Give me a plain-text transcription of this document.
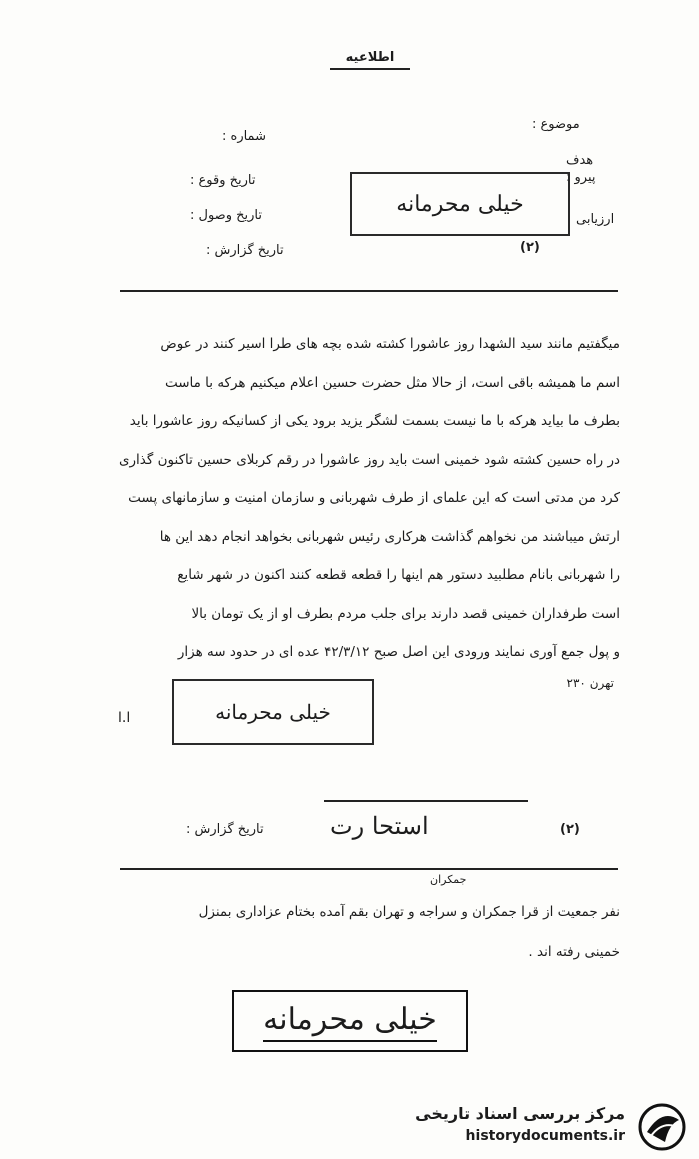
اطلاعیه
موضوع :
شماره :
هدف
پیرو :
تاریخ وقوع :
تاریخ وصول :
تاریخ گزارش :
ارزیابی
(۲)
خیلی محرمانه
میگفتیم مانند سید الشهدا روز عاشورا کشته شده بچه های طرا اسیر کنند در عوض
اسم ما همیشه باقی است، از حالا مثل حضرت حسین اعلام میکنیم هرکه با ماست
بطرف ما بیاید هرکه با ما نیست بسمت لشگر یزید برود یکی از کسانیکه روز عاشورا باید
در راه حسین کشته شود خمینی است باید روز عاشورا در رقم کربلای حسین تاکنون گذاری
کرد من مدتی است که این علمای از طرف شهربانی و سازمان امنیت و سازمانهای پست
ارتش میباشند من نخواهم گذاشت هرکاری رئیس شهربانی بخواهد انجام دهد این ها
را شهربانی بانام مطلبید دستور هم اینها را قطعه قطعه کنند اکنون در شهر شایع
است طرفداران خمینی قصد دارند برای جلب مردم بطرف او از یک تومان بالا
و پول جمع آوری نمایند ورودی این اصل صبح ۴۲/۳/۱۲ عده ای در حدود سه هزار
تهرن ۲۳۰
خیلی محرمانه
ا.ا
تاریخ گزارش :	استحا رت	(۲)
جمکران
نفر جمعیت از قرا جمکران و سراجه و تهران بقم آمده بختام عزاداری بمنزل
خمینی رفته اند .
خیلی محرمانه
مرکز بررسی اسناد تاریخی
historydocuments.ir
